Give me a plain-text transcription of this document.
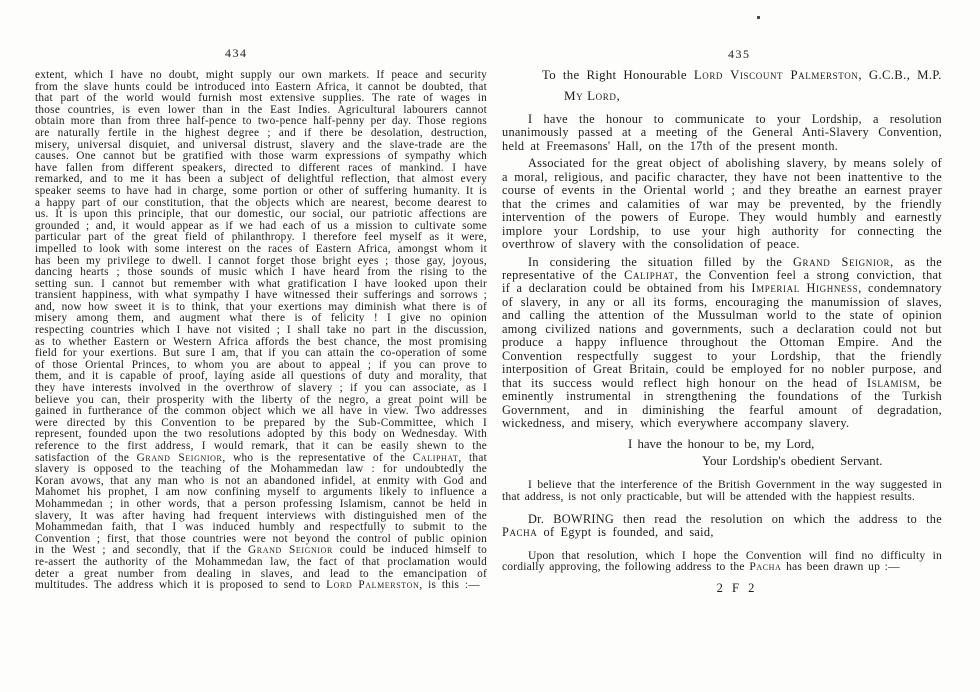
434

extent, which I have no doubt, might supply our own markets. If peace and security from the slave hunts could be introduced into Eastern Africa, it cannot be doubted, that that part of the world would furnish most extensive supplies. The rate of wages in those countries, is even lower than in the East Indies. Agricultural labourers cannot obtain more than from three half-pence to two-pence half-penny per day. Those regions are naturally fertile in the highest degree ; and if there be desolation, destruction, misery, universal disquiet, and universal distrust, slavery and the slave-trade are the causes. One cannot but be gratified with those warm expressions of sympathy which have fallen from different speakers, directed to different races of mankind. I have remarked, and to me it has been a subject of delightful reflection, that almost every speaker seems to have had in charge, some portion or other of suffering humanity. It is a happy part of our constitution, that the objects which are nearest, become dearest to us. It is upon this principle, that our domestic, our social, our patriotic affections are grounded ; and, it would appear as if we had each of us a mission to cultivate some particular part of the great field of philanthropy. I therefore feel myself as it were, impelled to look with some interest on the races of Eastern Africa, amongst whom it has been my privilege to dwell. I cannot forget those bright eyes ; those gay, joyous, dancing hearts ; those sounds of music which I have heard from the rising to the setting sun. I cannot but remember with what gratification I have looked upon their transient happiness, with what sympathy I have witnessed their sufferings and sorrows ; and, now how sweet it is to think, that your exertions may diminish what there is of misery among them, and augment what there is of felicity ! I give no opinion respecting countries which I have not visited ; I shall take no part in the discussion, as to whether Eastern or Western Africa affords the best chance, the most promising field for your exertions. But sure I am, that if you can attain the co-operation of some of those Oriental Princes, to whom you are about to appeal ; if you can prove to them, and it is capable of proof, laying aside all questions of duty and morality, that they have interests involved in the overthrow of slavery ; if you can associate, as I believe you can, their prosperity with the liberty of the negro, a great point will be gained in furtherance of the common object which we all have in view. Two addresses were directed by this Convention to be prepared by the Sub-Committee, which I represent, founded upon the two resolutions adopted by this body on Wednesday. With reference to the first address, I would remark, that it can be easily shewn to the satisfaction of the Grand Seignior, who is the representative of the Caliphat, that slavery is opposed to the teaching of the Mohammedan law : for undoubtedly the Koran avows, that any man who is not an abandoned infidel, at enmity with God and Mahomet his prophet, I am now confining myself to arguments likely to influence a Mohammedan ; in other words, that a person professing Islamism, cannot be held in slavery, It was after having had frequent interviews with distinguished men of the Mohammedan faith, that I was induced humbly and respectfully to submit to the Convention ; first, that those countries were not beyond the control of public opinion in the West ; and secondly, that if the Grand Seignior could be induced himself to re-assert the authority of the Mohammedan law, the fact of that proclamation would deter a great number from dealing in slaves, and lead to the emancipation of multitudes. The address which it is proposed to send to Lord Palmerston, is this :—

435

To the Right Honourable Lord Viscount Palmerston, G.C.B., M.P.

My Lord,

I have the honour to communicate to your Lordship, a resolution unanimously passed at a meeting of the General Anti-Slavery Convention, held at Freemasons' Hall, on the 17th of the present month.

Associated for the great object of abolishing slavery, by means solely of a moral, religious, and pacific character, they have not been inattentive to the course of events in the Oriental world ; and they breathe an earnest prayer that the crimes and calamities of war may be prevented, by the friendly intervention of the powers of Europe. They would humbly and earnestly implore your Lordship, to use your high authority for connecting the overthrow of slavery with the consolidation of peace.

In considering the situation filled by the Grand Seignior, as the representative of the Caliphat, the Convention feel a strong conviction, that if a declaration could be obtained from his Imperial Highness, condemnatory of slavery, in any or all its forms, encouraging the manumission of slaves, and calling the attention of the Mussulman world to the state of opinion among civilized nations and governments, such a declaration could not but produce a happy influence throughout the Ottoman Empire. And the Convention respectfully suggest to your Lordship, that the friendly interposition of Great Britain, could be employed for no nobler purpose, and that its success would reflect high honour on the head of Islamism, be eminently instrumental in strengthening the foundations of the Turkish Government, and in diminishing the fearful amount of degradation, wickedness, and misery, which everywhere accompany slavery.

I have the honour to be, my Lord,

Your Lordship's obedient Servant.

I believe that the interference of the British Government in the way suggested in that address, is not only practicable, but will be attended with the happiest results.

Dr. BOWRING then read the resolution on which the address to the Pacha of Egypt is founded, and said,

Upon that resolution, which I hope the Convention will find no difficulty in cordially approving, the following address to the Pacha has been drawn up :—

2 F 2
